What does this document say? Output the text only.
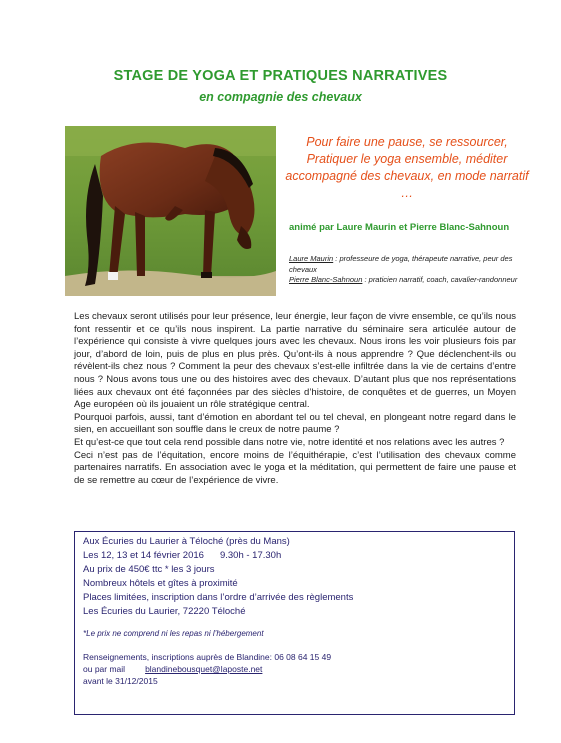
STAGE DE YOGA ET PRATIQUES NARRATIVES
en compagnie des chevaux
Pour faire une pause, se ressourcer,
Pratiquer le yoga ensemble, méditer
accompagné des chevaux, en mode narratif …
animé par Laure Maurin et Pierre Blanc-Sahnoun
Laure Maurin : professeure de yoga, thérapeute narrative, peur des chevaux
Pierre Blanc-Sahnoun : praticien narratif, coach, cavalier-randonneur

Les chevaux seront utilisés pour leur présence, leur énergie, leur façon de vivre ensemble, ce qu’ils nous font ressentir et ce qu’ils nous inspirent. La partie narrative du séminaire sera articulée autour de l’expérience qui consiste à vivre quelques jours avec les chevaux. Nous irons les voir plusieurs fois par jour, d’abord de loin, puis de plus en plus près. Qu’ont-ils à nous apprendre ? Que déclenchent-ils ou révèlent-ils chez nous ? Comment la peur des chevaux s’est-elle infiltrée dans la vie de certains d’entre nous ? Nous avons tous une ou des histoires avec des chevaux. D’autant plus que nos représentations liées aux chevaux ont été façonnées par des siècles d’histoire, de conquêtes et de guerres, un Moyen Age européen où ils jouaient un rôle stratégique central.

Pourquoi parfois, aussi, tant d’émotion en abordant tel ou tel cheval, en plongeant notre regard dans le sien, en accueillant son souffle dans le creux de notre paume ?

Et qu’est-ce que tout cela rend possible dans notre vie, notre identité et nos relations avec les autres ?

Ceci n’est pas de l’équitation, encore moins de l’équithérapie, c’est l’utilisation des chevaux comme partenaires narratifs. En association avec le yoga et la méditation, qui permettent de faire une pause et de se remettre au cœur de l’expérience de vivre.

Aux Écuries du Laurier à Téloché (près du Mans)
Les 12, 13 et 14 février 2016 9.30h - 17.30h
Au prix de 450€ ttc * les 3 jours
Nombreux hôtels et gîtes à proximité
Places limitées, inscription dans l’ordre d’arrivée des règlements
Les Écuries du Laurier, 72220 Téloché
*Le prix ne comprend ni les repas ni l’hébergement
Renseignements, inscriptions auprès de Blandine: 06 08 64 15 49
ou par mail blandinebousquet@laposte.net
avant le 31/12/2015
